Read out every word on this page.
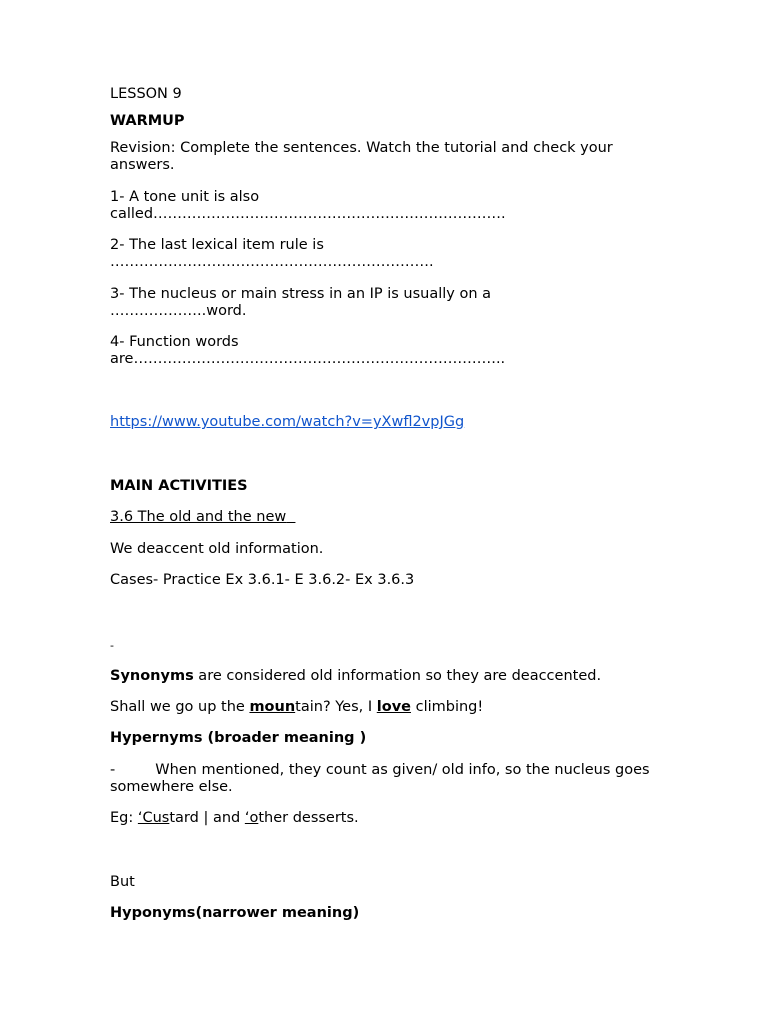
LESSON 9
WARMUP
Revision: Complete the sentences. Watch the tutorial and check your answers.
1- A tone unit is also
called……………………………………………………………….
2- The last lexical item rule is
………………………………………………………….
3- The nucleus or main stress in an IP is usually on a
………………..word.
4- Function words
are…………………………………………………………………..
https://www.youtube.com/watch?v=yXwfl2vpJGg
MAIN ACTIVITIES
3.6 The old and the new
We deaccent old information.
Cases- Practice Ex 3.6.1- E 3.6.2- Ex 3.6.3
-
Synonyms are considered old information so they are deaccented.
Shall we go up the mountain? Yes, I love climbing!
Hypernyms (broader meaning )
-	When mentioned, they count as given/ old info, so the nucleus goes somewhere else.
Eg: ‘Custard | and ‘other desserts.
But
Hyponyms(narrower meaning)
